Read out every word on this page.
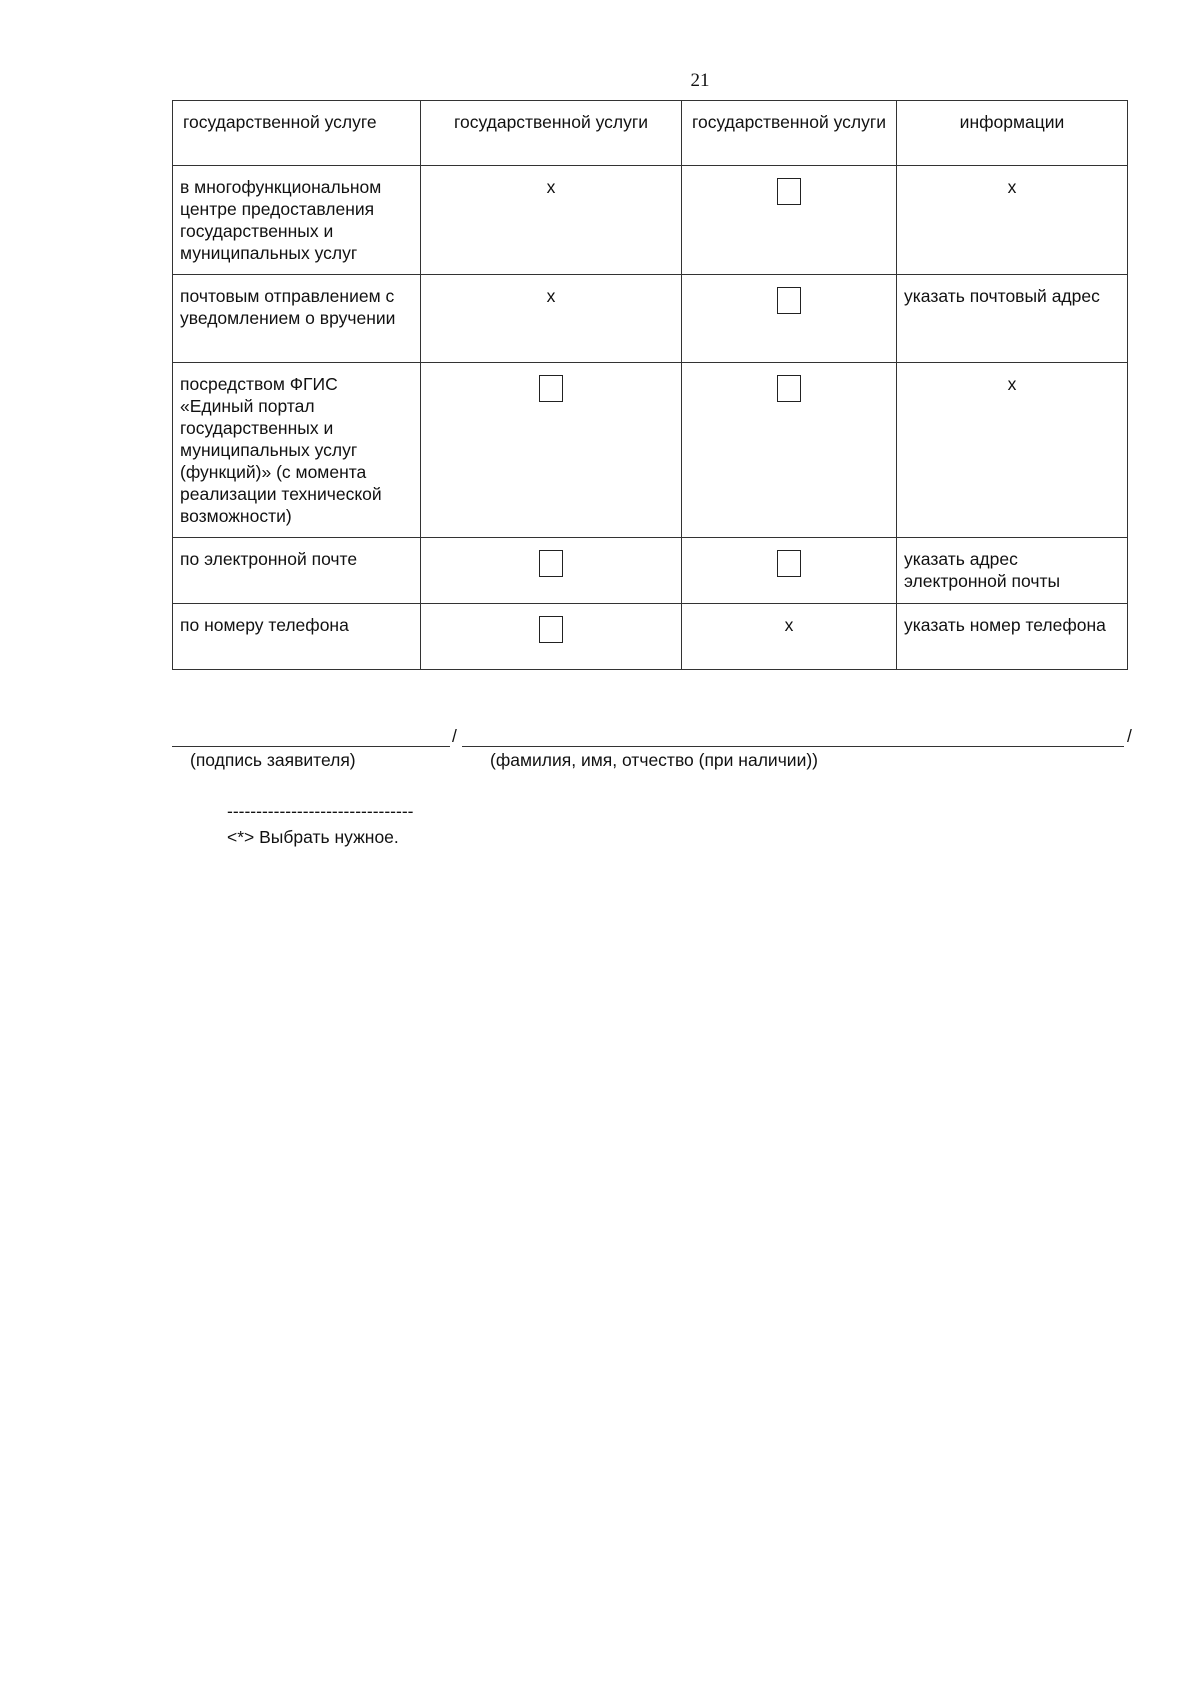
21
государственной услуге	государственной услуги	государственной услуги	информации
в многофункциональном центре предоставления государственных и муниципальных услуг	x		x
почтовым отправлением с уведомлением о вручении	x		указать почтовый адрес
посредством ФГИС «Единый портал государственных и муниципальных услуг (функций)» (с момента реализации технической возможности)			x
по электронной почте			указать адрес электронной почты
по номеру телефона		x	указать номер телефона
/	/
(подпись заявителя)	(фамилия, имя, отчество (при наличии))
--------------------------------
<*> Выбрать нужное.
